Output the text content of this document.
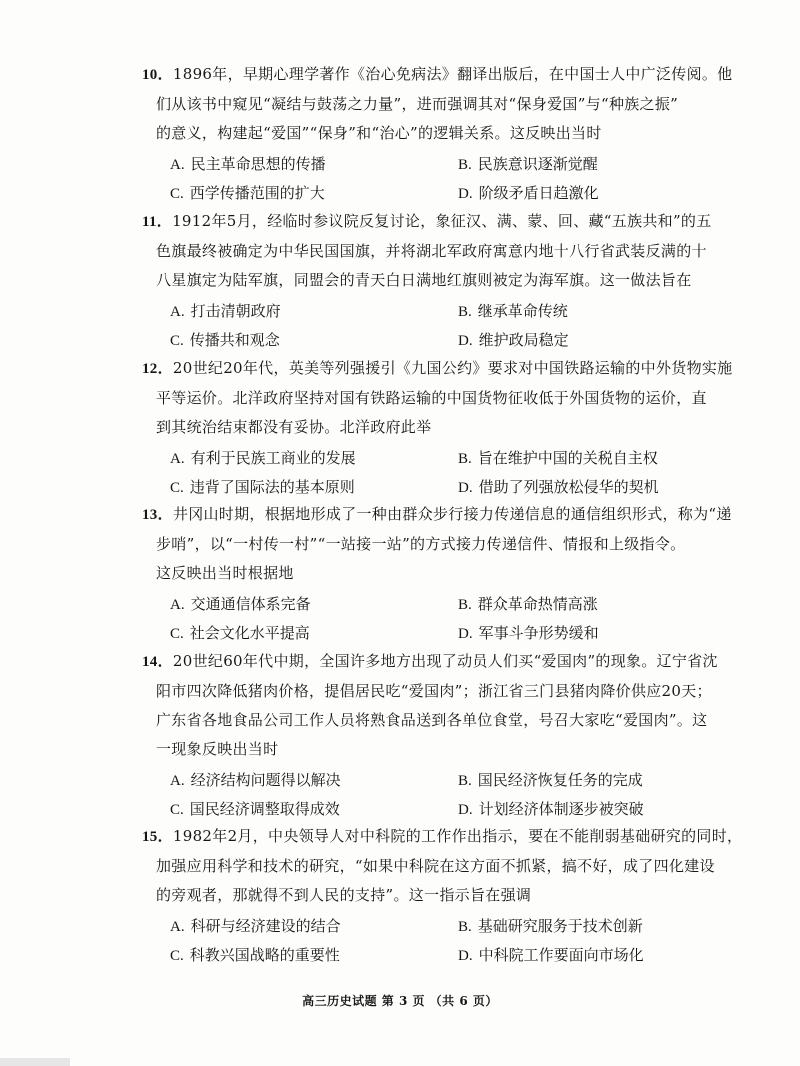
10．1896年，早期心理学著作《治心免病法》翻译出版后，在中国士人中广泛传阅。他
们从该书中窥见“凝结与鼓荡之力量”，进而强调其对“保身爱国”与“种族之振”
的意义，构建起“爱国”“保身”和“治心”的逻辑关系。这反映出当时
A. 民主革命思想的传播	B. 民族意识逐渐觉醒
C. 西学传播范围的扩大	D. 阶级矛盾日趋激化
11．1912年5月，经临时参议院反复讨论，象征汉、满、蒙、回、藏“五族共和”的五
色旗最终被确定为中华民国国旗，并将湖北军政府寓意内地十八行省武装反满的十
八星旗定为陆军旗，同盟会的青天白日满地红旗则被定为海军旗。这一做法旨在
A. 打击清朝政府	B. 继承革命传统
C. 传播共和观念	D. 维护政局稳定
12．20世纪20年代，英美等列强援引《九国公约》要求对中国铁路运输的中外货物实施
平等运价。北洋政府坚持对国有铁路运输的中国货物征收低于外国货物的运价，直
到其统治结束都没有妥协。北洋政府此举
A. 有利于民族工商业的发展	B. 旨在维护中国的关税自主权
C. 违背了国际法的基本原则	D. 借助了列强放松侵华的契机
13．井冈山时期，根据地形成了一种由群众步行接力传递信息的通信组织形式，称为“递
步哨”，以“一村传一村”“一站接一站”的方式接力传递信件、情报和上级指令。
这反映出当时根据地
A. 交通通信体系完备	B. 群众革命热情高涨
C. 社会文化水平提高	D. 军事斗争形势缓和
14．20世纪60年代中期，全国许多地方出现了动员人们买“爱国肉”的现象。辽宁省沈
阳市四次降低猪肉价格，提倡居民吃“爱国肉”；浙江省三门县猪肉降价供应20天；
广东省各地食品公司工作人员将熟食品送到各单位食堂，号召大家吃“爱国肉”。这
一现象反映出当时
A. 经济结构问题得以解决	B. 国民经济恢复任务的完成
C. 国民经济调整取得成效	D. 计划经济体制逐步被突破
15．1982年2月，中央领导人对中科院的工作作出指示，要在不能削弱基础研究的同时，
加强应用科学和技术的研究，“如果中科院在这方面不抓紧，搞不好，成了四化建设
的旁观者，那就得不到人民的支持”。这一指示旨在强调
A. 科研与经济建设的结合	B. 基础研究服务于技术创新
C. 科教兴国战略的重要性	D. 中科院工作要面向市场化
高三历史试题 第 3 页 （共 6 页）
